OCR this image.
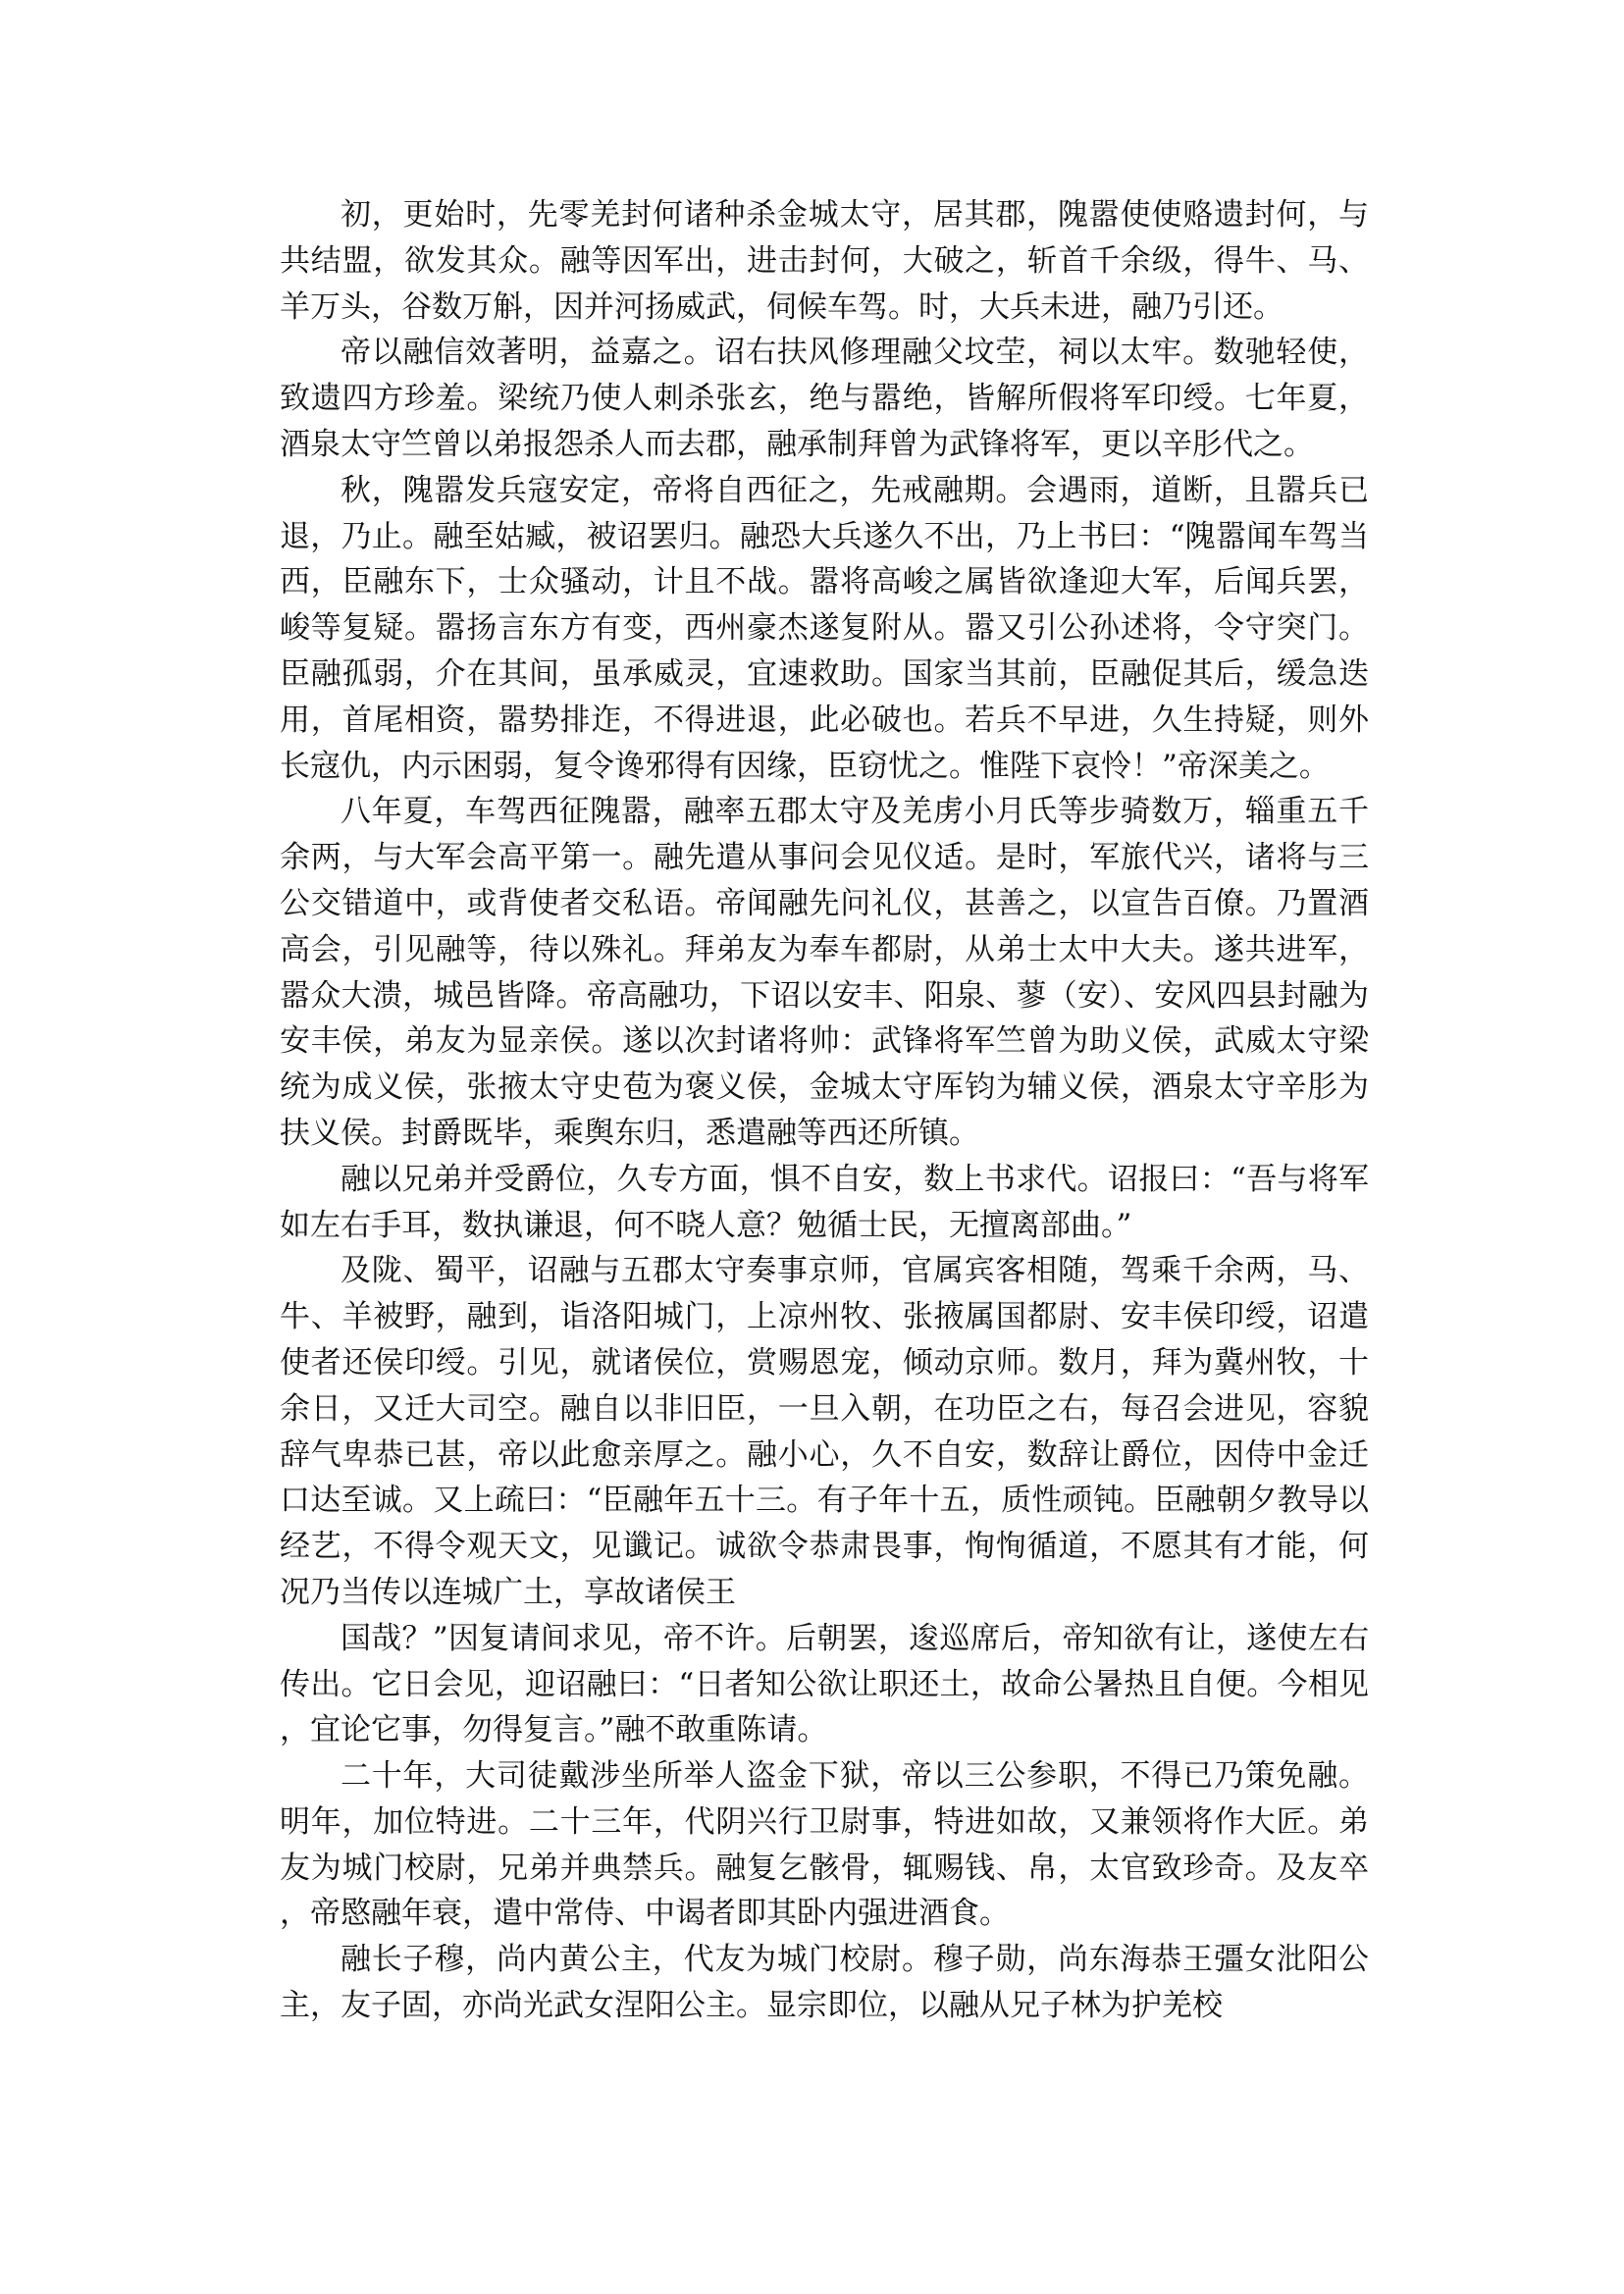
初，更始时，先零羌封何诸种杀金城太守，居其郡，隗嚣使使赂遗封何，与共结盟，欲发其众。融等因军出，进击封何，大破之，斩首千余级，得牛、马、羊万头，谷数万斛，因并河扬威武，伺候车驾。时，大兵未进，融乃引还。

帝以融信效著明，益嘉之。诏右扶风修理融父坟茔，祠以太牢。数驰轻使，致遗四方珍羞。梁统乃使人刺杀张玄，绝与嚣绝，皆解所假将军印绶。七年夏，酒泉太守竺曾以弟报怨杀人而去郡，融承制拜曾为武锋将军，更以辛肜代之。

秋，隗嚣发兵寇安定，帝将自西征之，先戒融期。会遇雨，道断，且嚣兵已退，乃止。融至姑臧，被诏罢归。融恐大兵遂久不出，乃上书曰：“隗嚣闻车驾当西，臣融东下，士众骚动，计且不战。嚣将高峻之属皆欲逢迎大军，后闻兵罢，峻等复疑。嚣扬言东方有变，西州豪杰遂复附从。嚣又引公孙述将，令守突门。臣融孤弱，介在其间，虽承威灵，宜速救助。国家当其前，臣融促其后，缓急迭用，首尾相资，嚣势排迮，不得进退，此必破也。若兵不早进，久生持疑，则外长寇仇，内示困弱，复令谗邪得有因缘，臣窃忧之。惟陛下哀怜！”帝深美之。

八年夏，车驾西征隗嚣，融率五郡太守及羌虏小月氏等步骑数万，辎重五千余两，与大军会高平第一。融先遣从事问会见仪适。是时，军旅代兴，诸将与三公交错道中，或背使者交私语。帝闻融先问礼仪，甚善之，以宣告百僚。乃置酒高会，引见融等，待以殊礼。拜弟友为奉车都尉，从弟士太中大夫。遂共进军，嚣众大溃，城邑皆降。帝高融功，下诏以安丰、阳泉、蓼（安）、安风四县封融为安丰侯，弟友为显亲侯。遂以次封诸将帅：武锋将军竺曾为助义侯，武威太守梁统为成义侯，张掖太守史苞为褒义侯，金城太守厍钧为辅义侯，酒泉太守辛肜为扶义侯。封爵既毕，乘舆东归，悉遣融等西还所镇。

融以兄弟并受爵位，久专方面，惧不自安，数上书求代。诏报曰：“吾与将军如左右手耳，数执谦退，何不晓人意？勉循士民，无擅离部曲。”

及陇、蜀平，诏融与五郡太守奏事京师，官属宾客相随，驾乘千余两，马、牛、羊被野，融到，诣洛阳城门，上凉州牧、张掖属国都尉、安丰侯印绶，诏遣使者还侯印绶。引见，就诸侯位，赏赐恩宠，倾动京师。数月，拜为冀州牧，十余日，又迁大司空。融自以非旧臣，一旦入朝，在功臣之右，每召会进见，容貌辞气卑恭已甚，帝以此愈亲厚之。融小心，久不自安，数辞让爵位，因侍中金迁口达至诚。又上疏曰：“臣融年五十三。有子年十五，质性顽钝。臣融朝夕教导以经艺，不得令观天文，见谶记。诚欲令恭肃畏事，恂恂循道，不愿其有才能，何况乃当传以连城广土，享故诸侯王

国哉？”因复请间求见，帝不许。后朝罢，逡巡席后，帝知欲有让，遂使左右传出。它日会见，迎诏融曰：“日者知公欲让职还土，故命公暑热且自便。今相见，宜论它事，勿得复言。”融不敢重陈请。

二十年，大司徒戴涉坐所举人盗金下狱，帝以三公参职，不得已乃策免融。明年，加位特进。二十三年，代阴兴行卫尉事，特进如故，又兼领将作大匠。弟友为城门校尉，兄弟并典禁兵。融复乞骸骨，辄赐钱、帛，太官致珍奇。及友卒，帝愍融年衰，遣中常侍、中谒者即其卧内强进酒食。

融长子穆，尚内黄公主，代友为城门校尉。穆子勋，尚东海恭王彊女沘阳公主，友子固，亦尚光武女涅阳公主。显宗即位，以融从兄子林为护羌校
